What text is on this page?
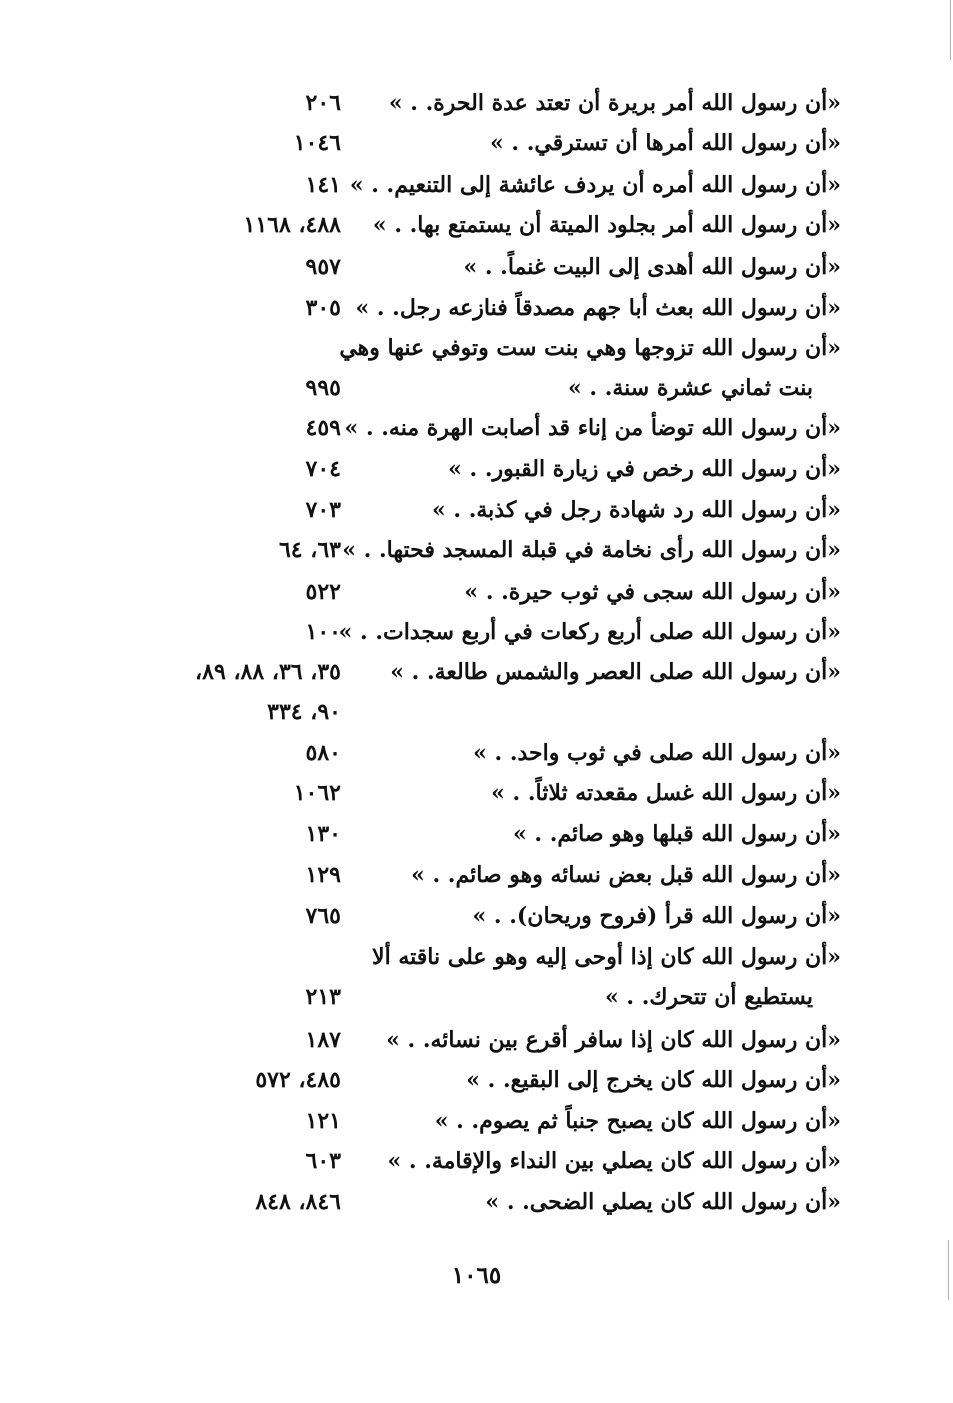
«أن رسول الله أمر بريرة أن تعتد عدة الحرة. . »
٢٠٦
«أن رسول الله أمرها أن تسترقي. . »
١٠٤٦
«أن رسول الله أمره أن يردف عائشة إلى التنعيم. . »
١٤١
«أن رسول الله أمر بجلود الميتة أن يستمتع بها. . »
٤٨٨، ١١٦٨
«أن رسول الله أهدى إلى البيت غنماً. . »
٩٥٧
«أن رسول الله بعث أبا جهم مصدقاً فنازعه رجل. . »
٣٠٥
«أن رسول الله تزوجها وهي بنت ست وتوفي عنها وهي
بنت ثماني عشرة سنة. . »
٩٩٥
«أن رسول الله توضأ من إناء قد أصابت الهرة منه. . »
٤٥٩
«أن رسول الله رخص في زيارة القبور. . »
٧٠٤
«أن رسول الله رد شهادة رجل في كذبة. . »
٧٠٣
«أن رسول الله رأى نخامة في قبلة المسجد فحتها. . »
٦٣، ٦٤
«أن رسول الله سجى في ثوب حيرة. . »
٥٢٢
«أن رسول الله صلى أربع ركعات في أربع سجدات. . »
١٠٠
«أن رسول الله صلى العصر والشمس طالعة. . »
٣٥، ٣٦، ٨٨، ٨٩،
٩٠، ٣٣٤
«أن رسول الله صلى في ثوب واحد. . »
٥٨٠
«أن رسول الله غسل مقعدته ثلاثاً. . »
١٠٦٢
«أن رسول الله قبلها وهو صائم. . »
١٣٠
«أن رسول الله قبل بعض نسائه وهو صائم. . »
١٢٩
«أن رسول الله قرأ (فروح وريحان). . »
٧٦٥
«أن رسول الله كان إذا أوحى إليه وهو على ناقته ألا
يستطيع أن تتحرك. . »
٢١٣
«أن رسول الله كان إذا سافر أقرع بين نسائه. . »
١٨٧
«أن رسول الله كان يخرج إلى البقيع. . »
٤٨٥، ٥٧٢
«أن رسول الله كان يصبح جنباً ثم يصوم. . »
١٢١
«أن رسول الله كان يصلي بين النداء والإقامة. . »
٦٠٣
«أن رسول الله كان يصلي الضحى. . »
٨٤٦، ٨٤٨
١٠٦٥
